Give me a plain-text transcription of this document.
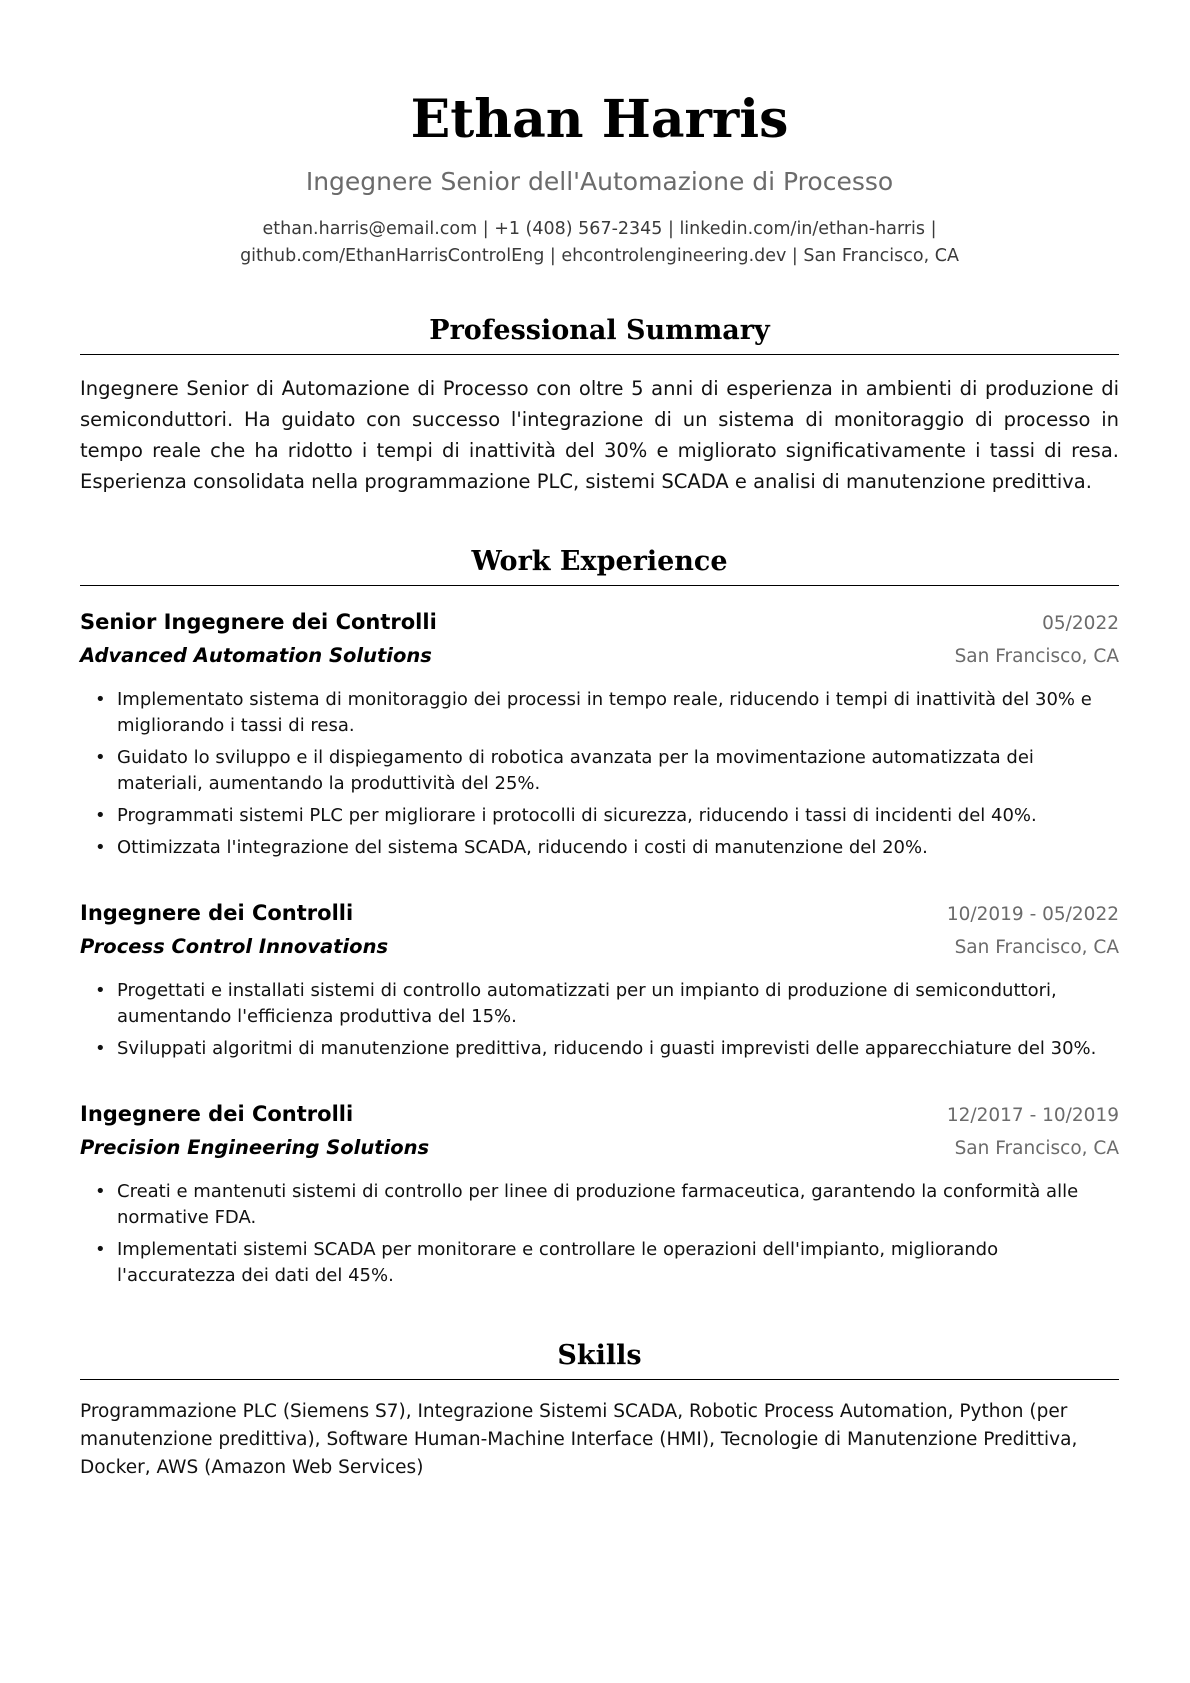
Ethan Harris
Ingegnere Senior dell'Automazione di Processo
ethan.harris@email.com | +1 (408) 567-2345 | linkedin.com/in/ethan-harris | github.com/EthanHarrisControlEng | ehcontrolengineering.dev | San Francisco, CA
Professional Summary

Ingegnere Senior di Automazione di Processo con oltre 5 anni di esperienza in ambienti di produzione di semiconduttori. Ha guidato con successo l'integrazione di un sistema di monitoraggio di processo in tempo reale che ha ridotto i tempi di inattività del 30% e migliorato significativamente i tassi di resa. Esperienza consolidata nella programmazione PLC, sistemi SCADA e analisi di manutenzione predittiva.

Work Experience
Senior Ingegnere dei Controlli	05/2022
Advanced Automation Solutions	San Francisco, CA
• Implementato sistema di monitoraggio dei processi in tempo reale, riducendo i tempi di inattività del 30% e migliorando i tassi di resa.
• Guidato lo sviluppo e il dispiegamento di robotica avanzata per la movimentazione automatizzata dei materiali, aumentando la produttività del 25%.
• Programmati sistemi PLC per migliorare i protocolli di sicurezza, riducendo i tassi di incidenti del 40%.
• Ottimizzata l'integrazione del sistema SCADA, riducendo i costi di manutenzione del 20%.
Ingegnere dei Controlli	10/2019 - 05/2022
Process Control Innovations	San Francisco, CA
• Progettati e installati sistemi di controllo automatizzati per un impianto di produzione di semiconduttori, aumentando l'efficienza produttiva del 15%.
• Sviluppati algoritmi di manutenzione predittiva, riducendo i guasti imprevisti delle apparecchiature del 30%.
Ingegnere dei Controlli	12/2017 - 10/2019
Precision Engineering Solutions	San Francisco, CA
• Creati e mantenuti sistemi di controllo per linee di produzione farmaceutica, garantendo la conformità alle normative FDA.
• Implementati sistemi SCADA per monitorare e controllare le operazioni dell'impianto, migliorando l'accuratezza dei dati del 45%.
Skills

Programmazione PLC (Siemens S7), Integrazione Sistemi SCADA, Robotic Process Automation, Python (per manutenzione predittiva), Software Human-Machine Interface (HMI), Tecnologie di Manutenzione Predittiva, Docker, AWS (Amazon Web Services)
